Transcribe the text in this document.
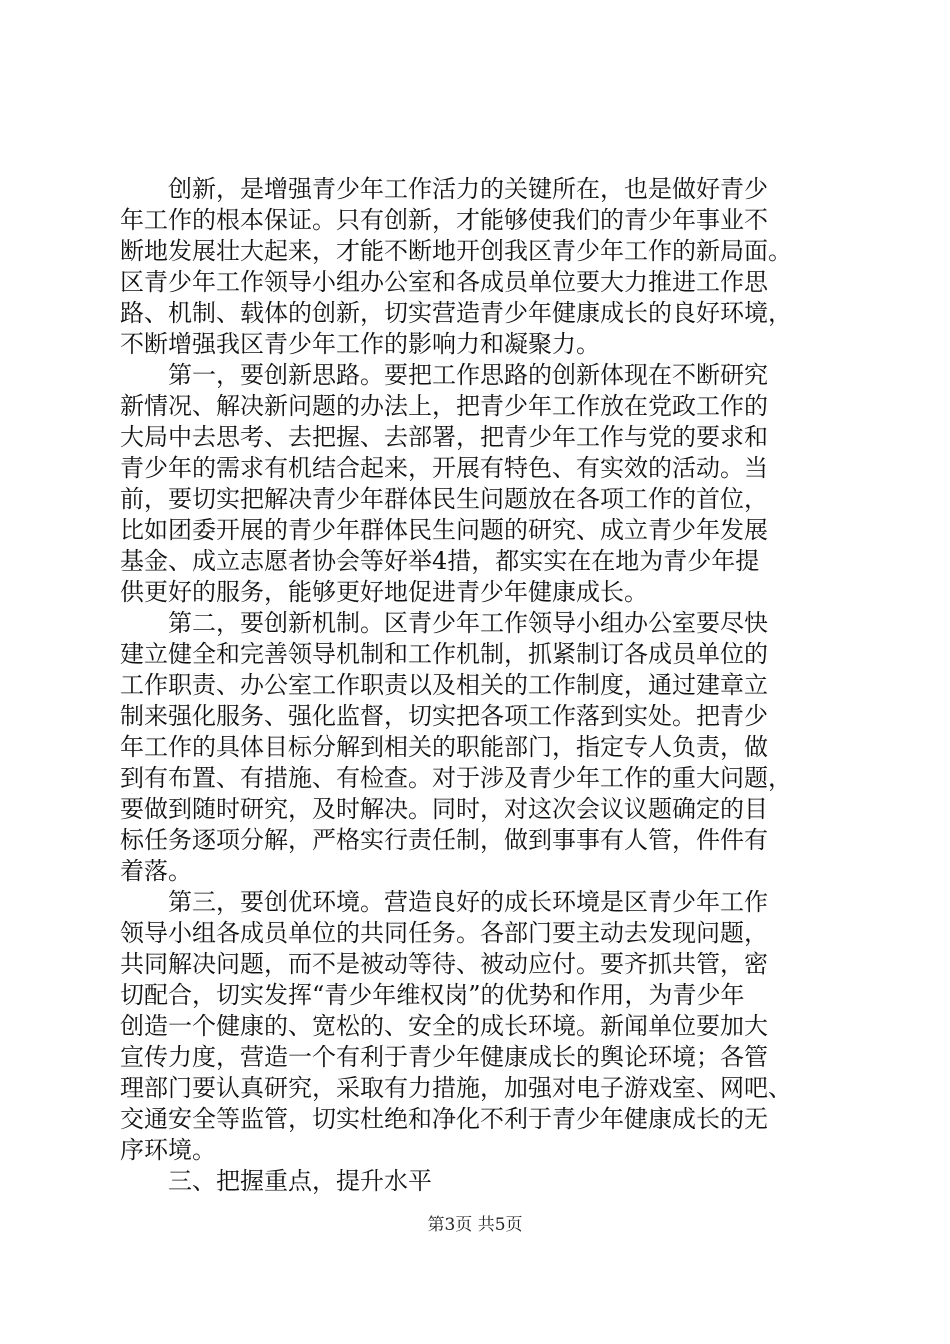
　　创新，是增强青少年工作活力的关键所在，也是做好青少
年工作的根本保证。只有创新，才能够使我们的青少年事业不
断地发展壮大起来，才能不断地开创我区青少年工作的新局面。
区青少年工作领导小组办公室和各成员单位要大力推进工作思
路、机制、载体的创新，切实营造青少年健康成长的良好环境，
不断增强我区青少年工作的影响力和凝聚力。
　　第一，要创新思路。要把工作思路的创新体现在不断研究
新情况、解决新问题的办法上，把青少年工作放在党政工作的
大局中去思考、去把握、去部署，把青少年工作与党的要求和
青少年的需求有机结合起来，开展有特色、有实效的活动。当
前，要切实把解决青少年群体民生问题放在各项工作的首位，
比如团委开展的青少年群体民生问题的研究、成立青少年发展
基金、成立志愿者协会等好举4措，都实实在在地为青少年提
供更好的服务，能够更好地促进青少年健康成长。
　　第二，要创新机制。区青少年工作领导小组办公室要尽快
建立健全和完善领导机制和工作机制，抓紧制订各成员单位的
工作职责、办公室工作职责以及相关的工作制度，通过建章立
制来强化服务、强化监督，切实把各项工作落到实处。把青少
年工作的具体目标分解到相关的职能部门，指定专人负责，做
到有布置、有措施、有检查。对于涉及青少年工作的重大问题，
要做到随时研究，及时解决。同时，对这次会议议题确定的目
标任务逐项分解，严格实行责任制，做到事事有人管，件件有
着落。
　　第三，要创优环境。营造良好的成长环境是区青少年工作
领导小组各成员单位的共同任务。各部门要主动去发现问题，
共同解决问题，而不是被动等待、被动应付。要齐抓共管，密
切配合，切实发挥“青少年维权岗”的优势和作用，为青少年
创造一个健康的、宽松的、安全的成长环境。新闻单位要加大
宣传力度，营造一个有利于青少年健康成长的舆论环境；各管
理部门要认真研究，采取有力措施，加强对电子游戏室、网吧、
交通安全等监管，切实杜绝和净化不利于青少年健康成长的无
序环境。
　　三、把握重点，提升水平
第3页 共5页
